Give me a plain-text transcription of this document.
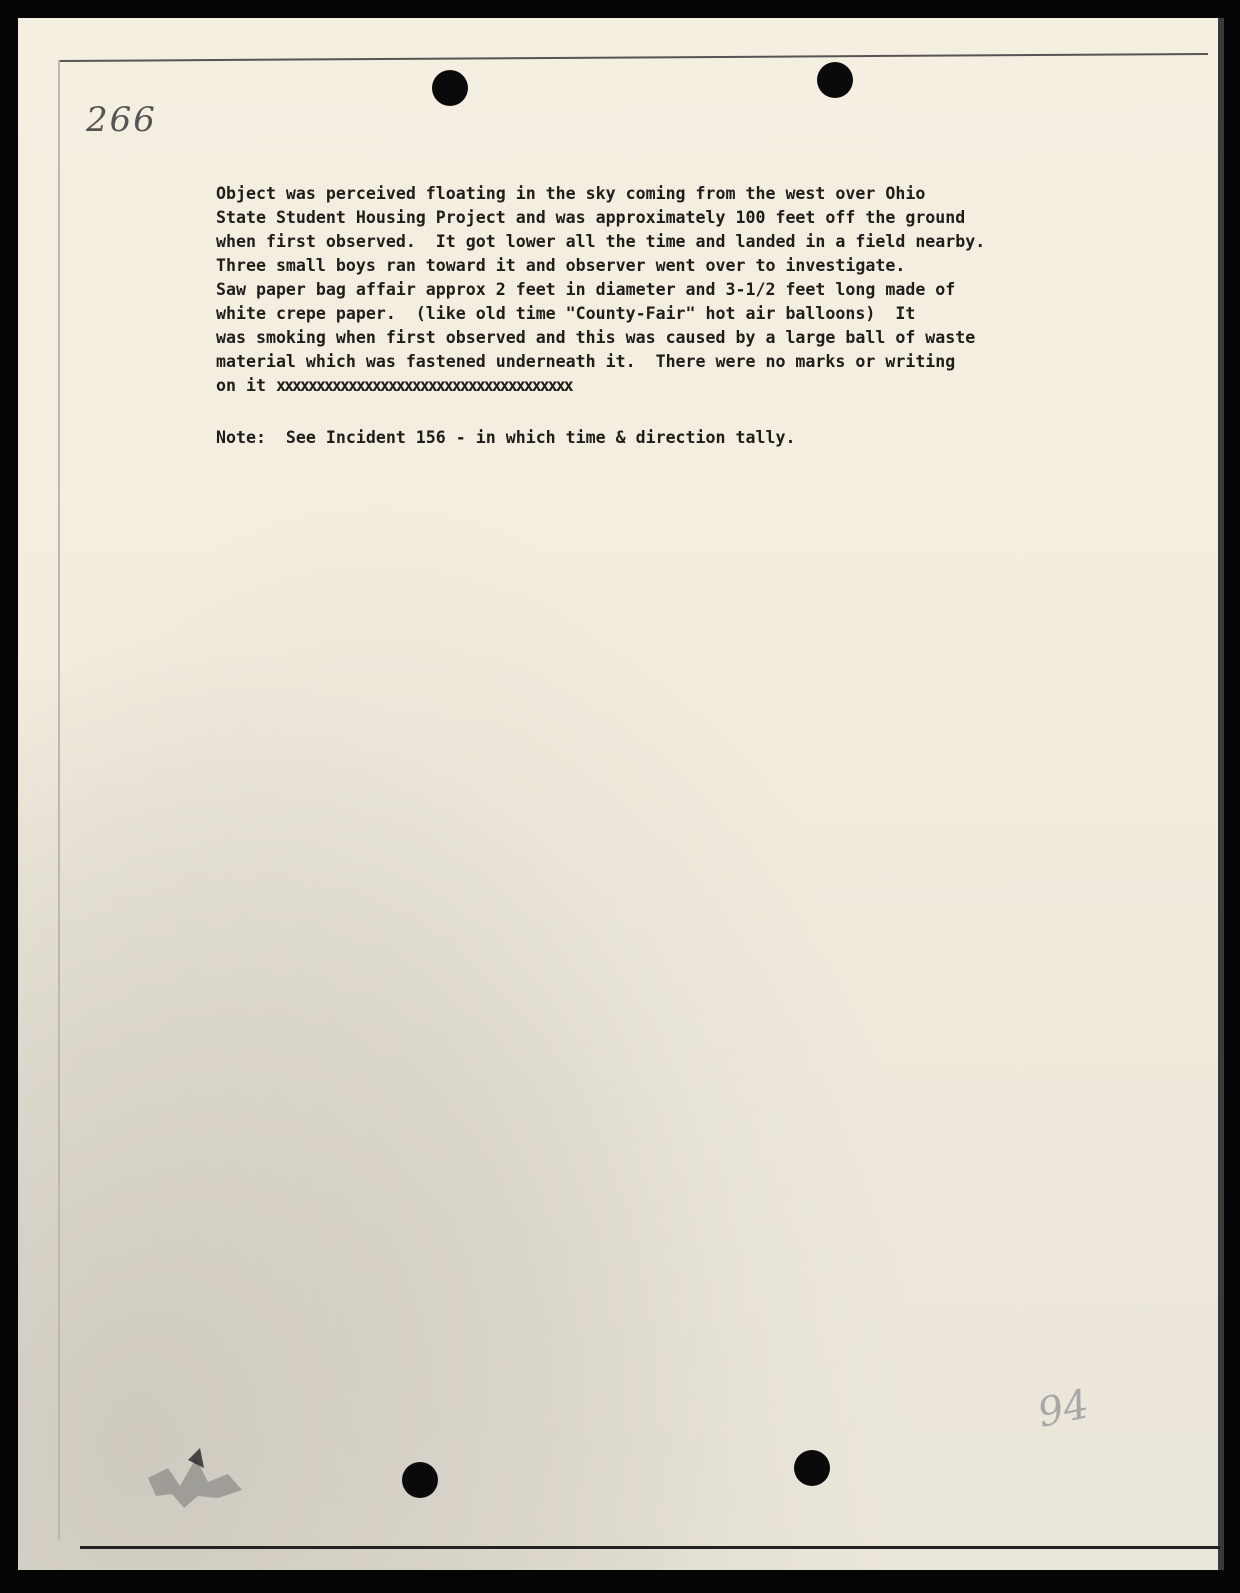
266
94
Object was perceived floating in the sky coming from the west over Ohio
State Student Housing Project and was approximately 100 feet off the ground
when first observed.  It got lower all the time and landed in a field nearby.
Three small boys ran toward it and observer went over to investigate.
Saw paper bag affair approx 2 feet in diameter and 3-1/2 feet long made of
white crepe paper.  (like old time "County-Fair" hot air balloons)  It
was smoking when first observed and this was caused by a large ball of waste
material which was fastened underneath it.  There were no marks or writing
on it xxxxxxxxxxxxxxxxxxxxxxxxxxxxxxxxxxxxx
Note:  See Incident 156 - in which time & direction tally.
